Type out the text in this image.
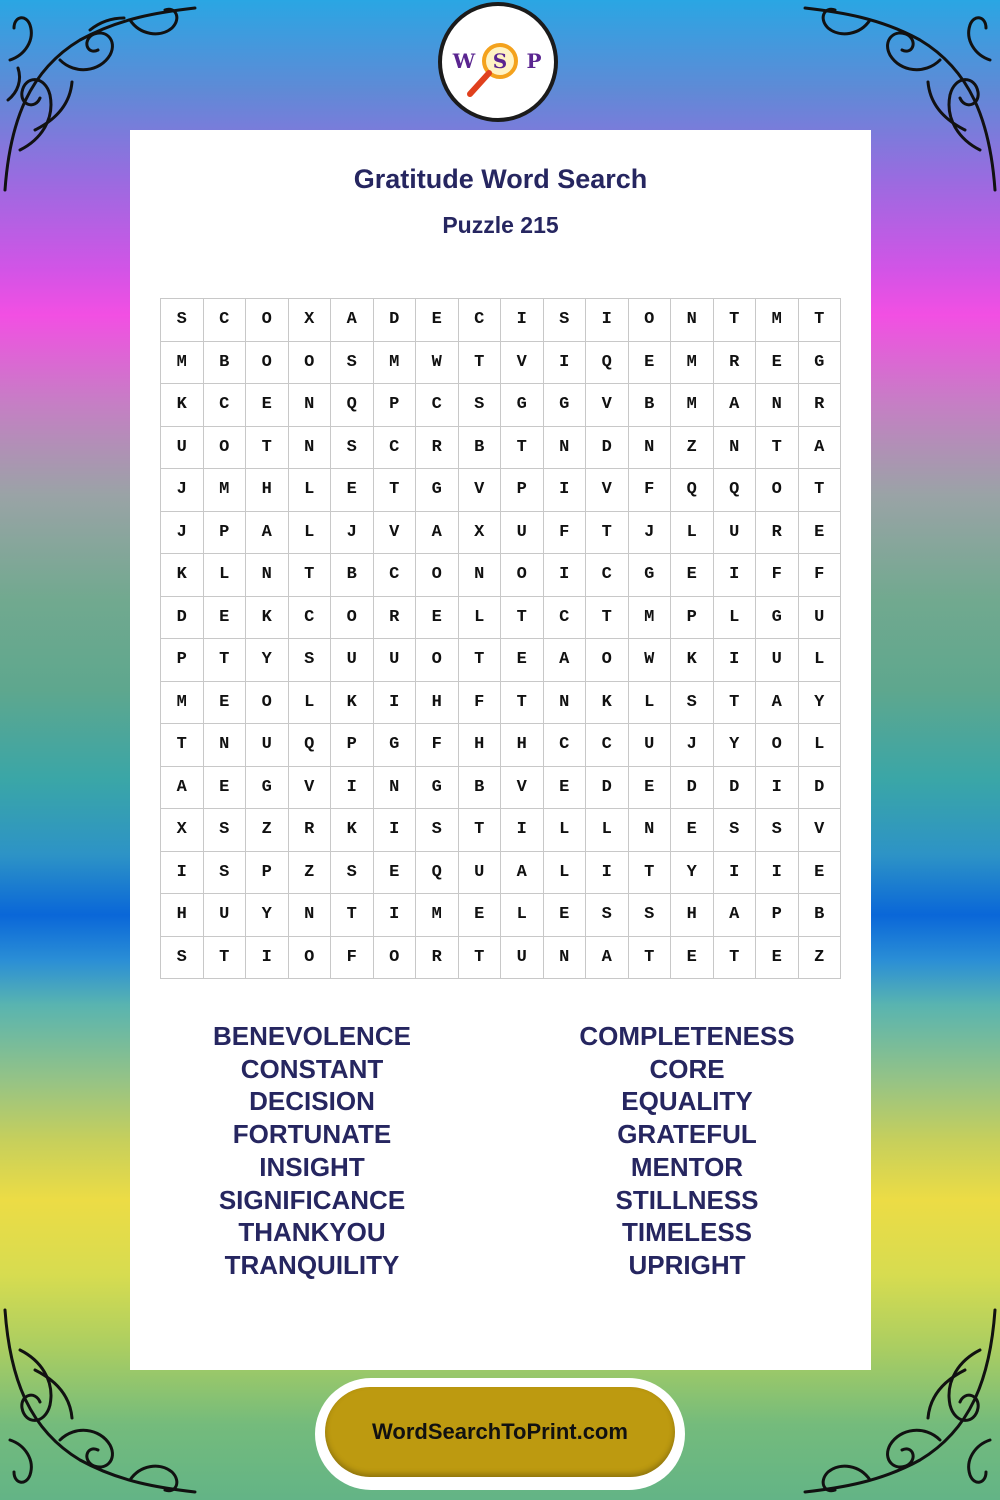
W S P
Gratitude Word Search
Puzzle 215
S	C	O	X	A	D	E	C	I	S	I	O	N	T	M	T
M	B	O	O	S	M	W	T	V	I	Q	E	M	R	E	G
K	C	E	N	Q	P	C	S	G	G	V	B	M	A	N	R
U	O	T	N	S	C	R	B	T	N	D	N	Z	N	T	A
J	M	H	L	E	T	G	V	P	I	V	F	Q	Q	O	T
J	P	A	L	J	V	A	X	U	F	T	J	L	U	R	E
K	L	N	T	B	C	O	N	O	I	C	G	E	I	F	F
D	E	K	C	O	R	E	L	T	C	T	M	P	L	G	U
P	T	Y	S	U	U	O	T	E	A	O	W	K	I	U	L
M	E	O	L	K	I	H	F	T	N	K	L	S	T	A	Y
T	N	U	Q	P	G	F	H	H	C	C	U	J	Y	O	L
A	E	G	V	I	N	G	B	V	E	D	E	D	D	I	D
X	S	Z	R	K	I	S	T	I	L	L	N	E	S	S	V
I	S	P	Z	S	E	Q	U	A	L	I	T	Y	I	I	E
H	U	Y	N	T	I	M	E	L	E	S	S	H	A	P	B
S	T	I	O	F	O	R	T	U	N	A	T	E	T	E	Z
BENEVOLENCE
CONSTANT
DECISION
FORTUNATE
INSIGHT
SIGNIFICANCE
THANKYOU
TRANQUILITY
COMPLETENESS
CORE
EQUALITY
GRATEFUL
MENTOR
STILLNESS
TIMELESS
UPRIGHT
WordSearchToPrint.com
